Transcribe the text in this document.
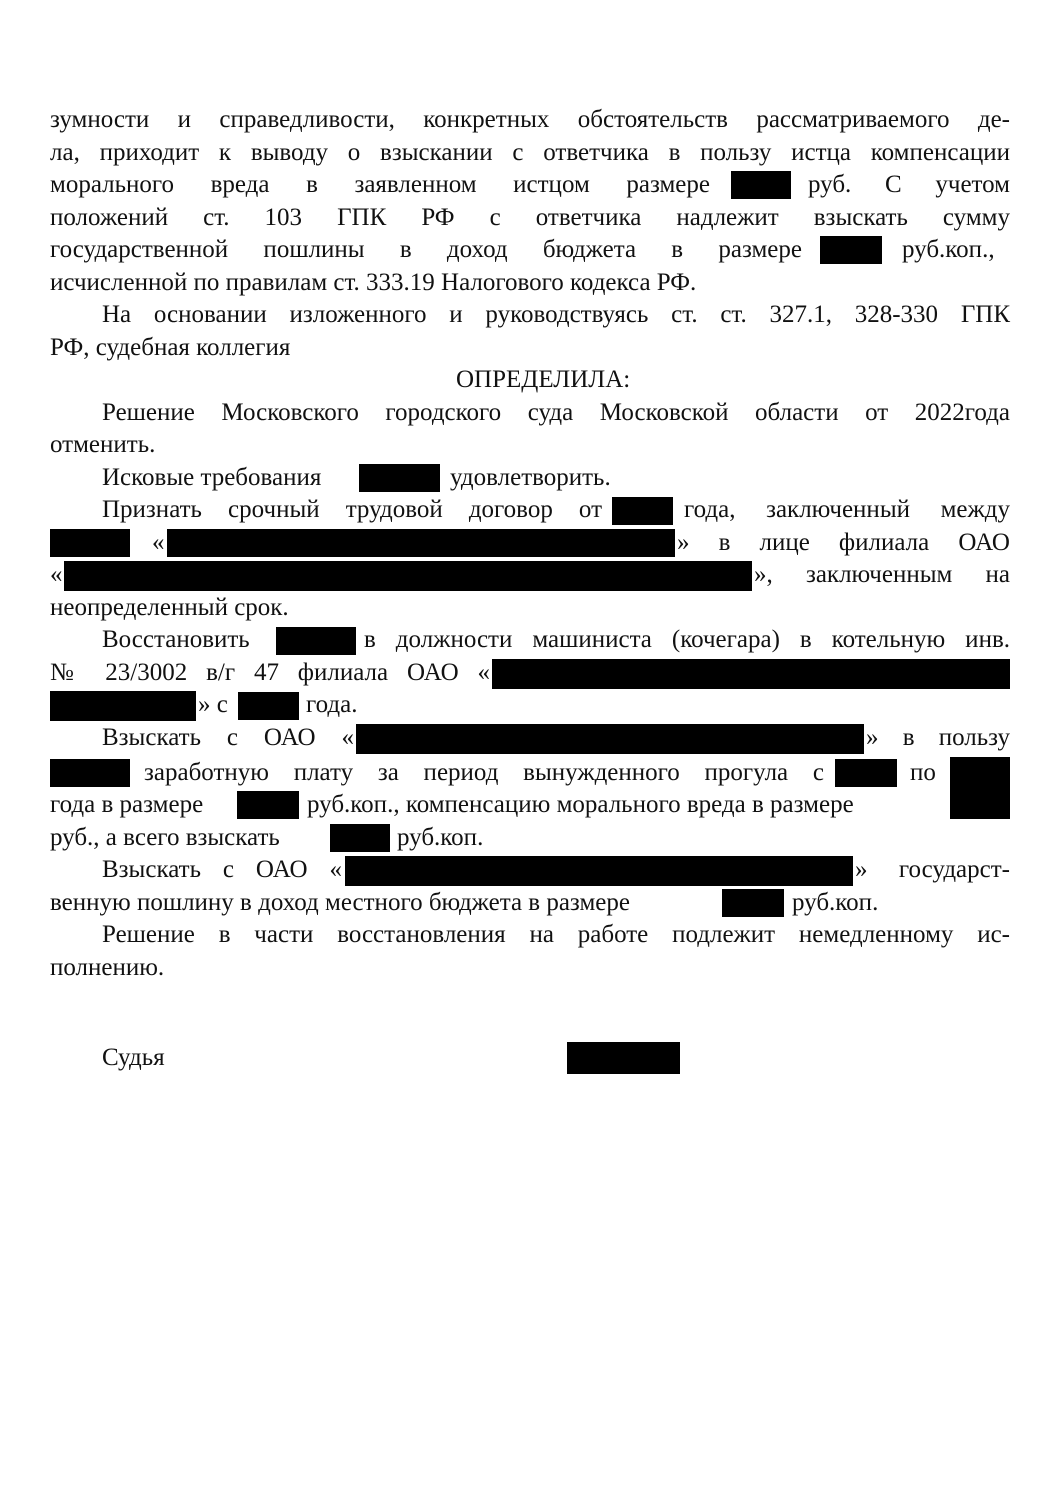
зумности и справедливости, конкретных обстоятельств рассматриваемого де-
ла, приходит к выводу о взыскании с ответчика в пользу истца компенсации
морального вреда в заявленном истцом размере	руб. С учетом
положений ст. 103 ГПК РФ с ответчика надлежит взыскать сумму
государственной пошлины в доход бюджета в размере	руб.коп.,
исчисленной по правилам ст. 333.19 Налогового кодекса РФ.
На основании изложенного и руководствуясь ст. ст. 327.1, 328-330 ГПК
РФ, судебная коллегия
ОПРЕДЕЛИЛА:
Решение Московского городского суда Московской области от 2022года
отменить.
Исковые требования	удовлетворить.
Признать срочный трудовой договор от	года, заключенный между
«	» в лице филиала ОАО
«	», заключенным на
неопределенный срок.
Восстановить	в должности машиниста (кочегара) в котельную инв.
№ 23/3002 в/г 47 филиала ОАО «
» с	года.
Взыскать с ОАО «	» в пользу
заработную плату за период вынужденного прогула с	по
года в размере	руб.коп., компенсацию морального вреда в размере
руб., а всего взыскать	руб.коп.
Взыскать с ОАО «	» государст-
венную пошлину в доход местного бюджета в размере	руб.коп.
Решение в части восстановления на работе подлежит немедленному ис-
полнению.
Судья
